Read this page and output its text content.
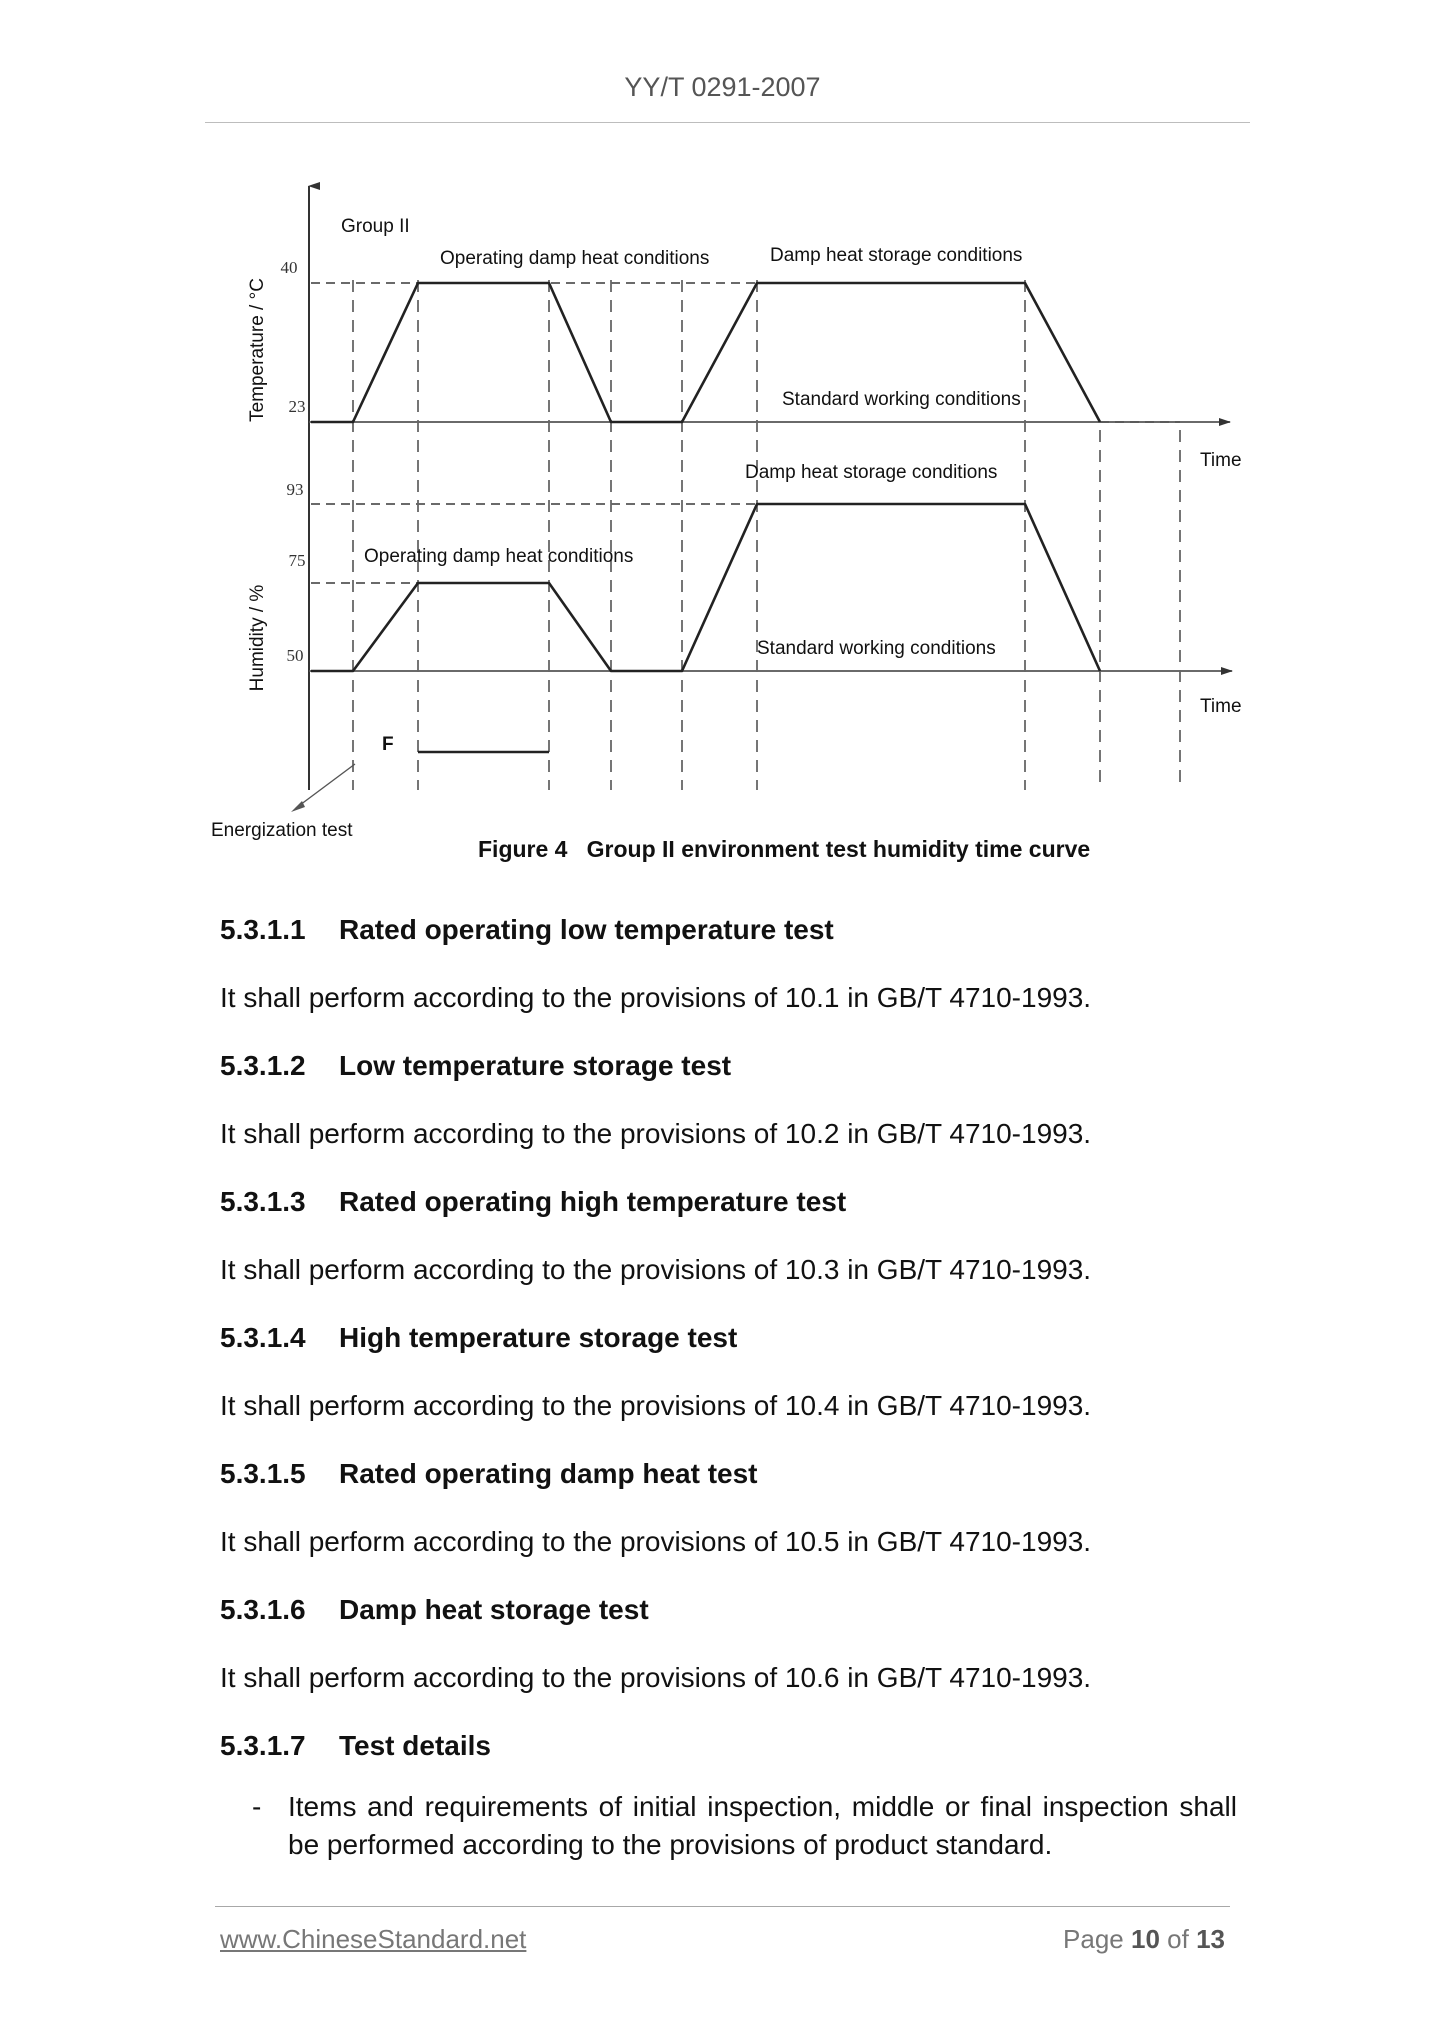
YY/T 0291-2007
40
23
93
75
50
Temperature / °C
Humidity / %
Group II
Operating damp heat conditions	Damp heat storage conditions
Standard working conditions
Time
Damp heat storage conditions
Operating damp heat conditions
Standard working conditions
Time
F
Energization test
Figure 4 Group II environment test humidity time curve
5.3.1.1 Rated operating low temperature test
It shall perform according to the provisions of 10.1 in GB/T 4710-1993.
5.3.1.2 Low temperature storage test
It shall perform according to the provisions of 10.2 in GB/T 4710-1993.
5.3.1.3 Rated operating high temperature test
It shall perform according to the provisions of 10.3 in GB/T 4710-1993.
5.3.1.4 High temperature storage test
It shall perform according to the provisions of 10.4 in GB/T 4710-1993.
5.3.1.5 Rated operating damp heat test
It shall perform according to the provisions of 10.5 in GB/T 4710-1993.
5.3.1.6 Damp heat storage test
It shall perform according to the provisions of 10.6 in GB/T 4710-1993.
5.3.1.7 Test details
- Items and requirements of initial inspection, middle or final inspection shall be performed according to the provisions of product standard.
www.ChineseStandard.net	Page 10 of 13
